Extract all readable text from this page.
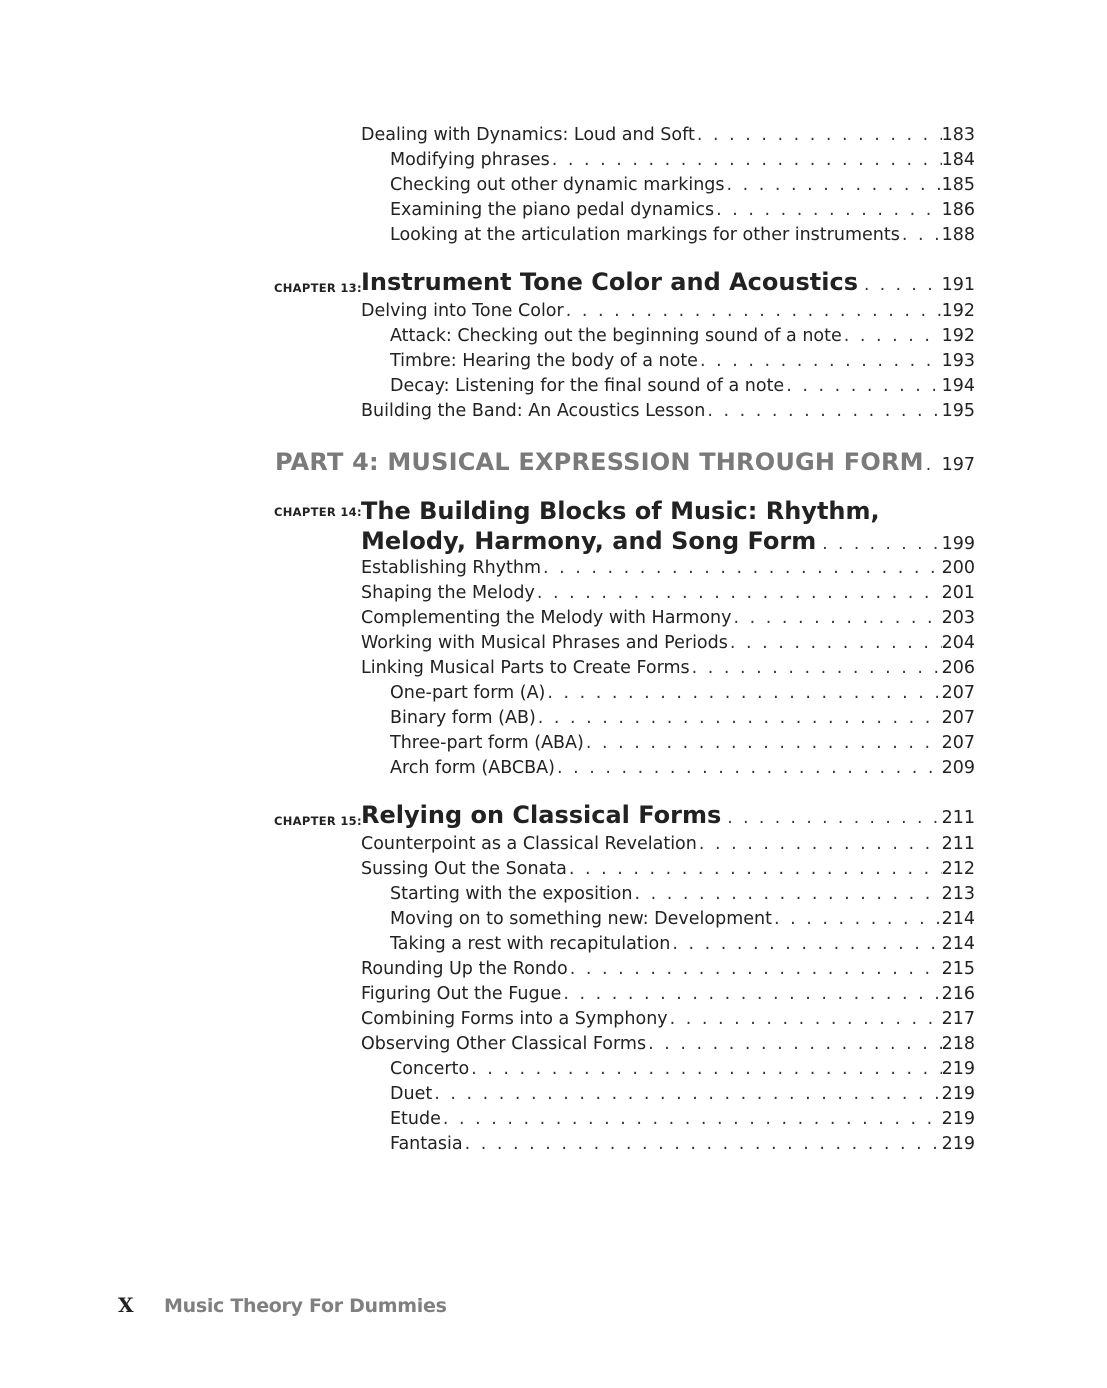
Dealing with Dynamics: Loud and Soft . . .	183
Modifying phrases . . .	184
Checking out other dynamic markings . . .	185
Examining the piano pedal dynamics . . .	186
Looking at the articulation markings for other instruments . . . 188
CHAPTER 13: Instrument Tone Color and Acoustics . . .	191
Delving into Tone Color . . .	192
Attack: Checking out the beginning sound of a note . . .	192
Timbre: Hearing the body of a note . . .	193
Decay: Listening for the final sound of a note . . .	194
Building the Band: An Acoustics Lesson . . .	195
PART 4: MUSICAL EXPRESSION THROUGH FORM . . . 197
CHAPTER 14: The Building Blocks of Music: Rhythm,
Melody, Harmony, and Song Form . . .	199
Establishing Rhythm . . .	200
Shaping the Melody . . .	201
Complementing the Melody with Harmony . . .	203
Working with Musical Phrases and Periods . . .	204
Linking Musical Parts to Create Forms . . .	206
One-part form (A) . . .	207
Binary form (AB) . . .	207
Three-part form (ABA) . . .	207
Arch form (ABCBA) . . .	209
CHAPTER 15: Relying on Classical Forms . . .	211
Counterpoint as a Classical Revelation . . .	211
Sussing Out the Sonata . . .	212
Starting with the exposition . . .	213
Moving on to something new: Development . . .	214
Taking a rest with recapitulation . . .	214
Rounding Up the Rondo . . .	215
Figuring Out the Fugue . . .	216
Combining Forms into a Symphony . . .	217
Observing Other Classical Forms . . .	218
Concerto . . .	219
Duet . . .	219
Etude . . .	219
Fantasia . . .	219
X	Music Theory For Dummies
